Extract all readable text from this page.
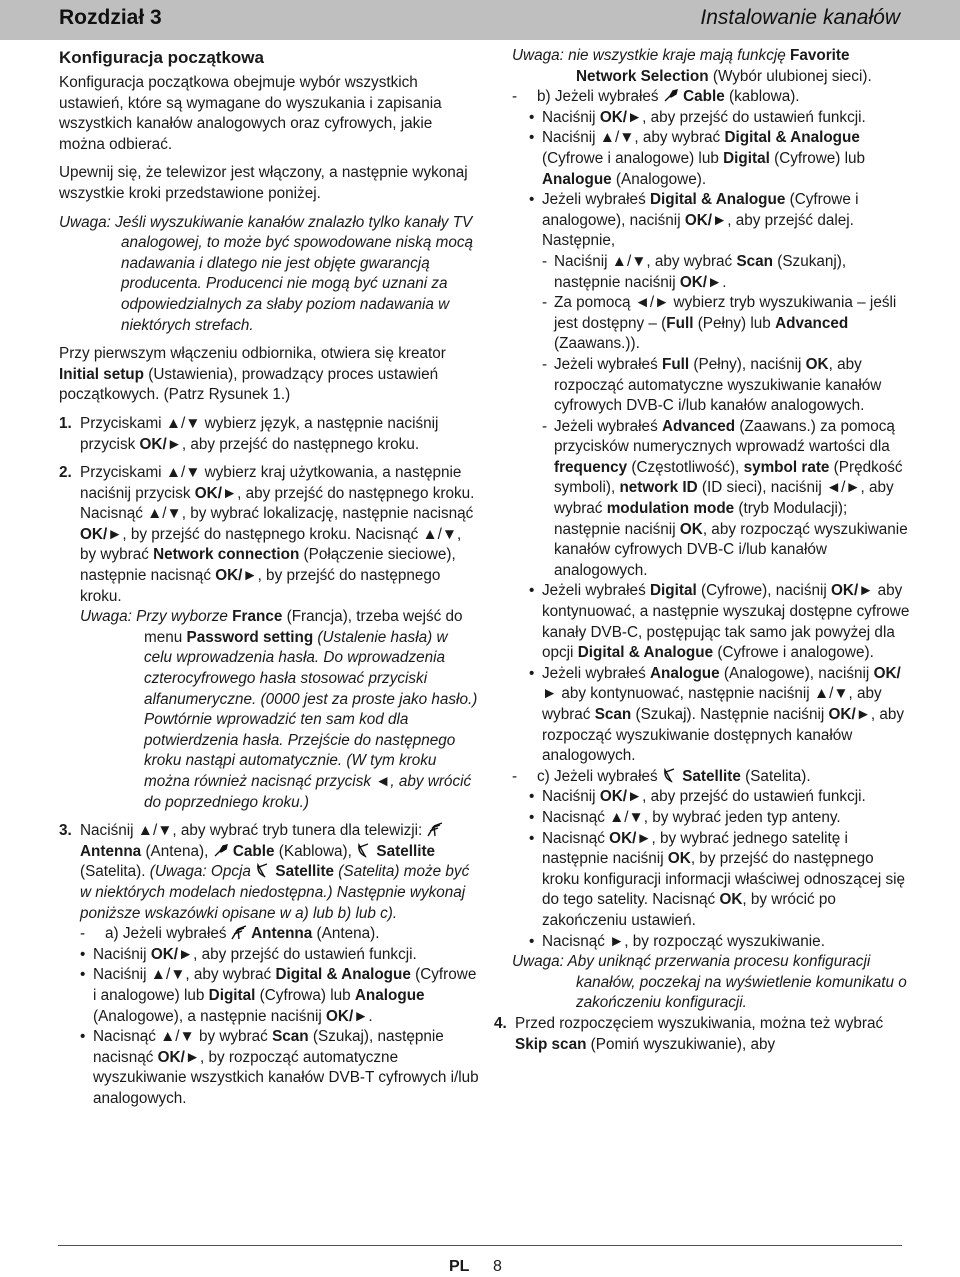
Rozdział 3	Instalowanie kanałów

Konfiguracja początkowa

Konfiguracja początkowa obejmuje wybór wszystkich ustawień, które są wymagane do wyszukania i zapisania wszystkich kanałów analogowych oraz cyfrowych, jakie można odbierać.

Upewnij się, że telewizor jest włączony, a następnie wykonaj wszystkie kroki przedstawione poniżej.

Uwaga: Jeśli wyszukiwanie kanałów znalazło tylko kanały TV analogowej, to może być spowodowane niską mocą nadawania i dlatego nie jest objęte gwarancją producenta. Producenci nie mogą być uznani za odpowiedzialnych za słaby poziom nadawania w niektórych strefach.

Przy pierwszym włączeniu odbiornika, otwiera się kreator Initial setup (Ustawienia), prowadzący proces ustawień początkowych. (Patrz Rysunek 1.)

1. Przyciskami ▲/▼ wybierz język, a następnie naciśnij przycisk OK/►, aby przejść do następnego kroku.
2. Przyciskami ▲/▼ wybierz kraj użytkowania, a następnie naciśnij przycisk OK/►, aby przejść do następnego kroku. Nacisnąć ▲/▼, by wybrać lokalizację, następnie nacisnąć OK/►, by przejść do następnego kroku. Nacisnąć ▲/▼, by wybrać Network connection (Połączenie sieciowe), następnie nacisnąć OK/►, by przejść do następnego kroku.
Uwaga: Przy wyborze France (Francja), trzeba wejść do menu Password setting (Ustalenie hasła) w celu wprowadzenia hasła. Do wprowadzenia czterocyfrowego hasła stosować przyciski alfanumeryczne. (0000 jest za proste jako hasło.) Powtórnie wprowadzić ten sam kod dla potwierdzenia hasła. Przejście do następnego kroku nastąpi automatycznie. (W tym kroku można również nacisnąć przycisk ◄, aby wrócić do poprzedniego kroku.)
3. Naciśnij ▲/▼, aby wybrać tryb tunera dla telewizji:  Antenna (Antena),  Cable (Kablowa),  Satellite (Satelita). (Uwaga: Opcja  Satellite (Satelita) może być w niektórych modelach niedostępna.) Następnie wykonaj poniższe wskazówki opisane w a) lub b) lub c).
- a) Jeżeli wybrałeś  Antenna (Antena).
• Naciśnij OK/►, aby przejść do ustawień funkcji.
• Naciśnij ▲/▼, aby wybrać Digital & Analogue (Cyfrowe i analogowe) lub Digital (Cyfrowa) lub Analogue (Analogowe), a następnie naciśnij OK/►.
• Nacisnąć ▲/▼ by wybrać Scan (Szukaj), następnie nacisnąć OK/►, by rozpocząć automatyczne wyszukiwanie wszystkich kanałów DVB-T cyfrowych i/lub analogowych.

Uwaga: nie wszystkie kraje mają funkcję Favorite Network Selection (Wybór ulubionej sieci).

- b) Jeżeli wybrałeś  Cable (kablowa).
• Naciśnij OK/►, aby przejść do ustawień funkcji.
• Naciśnij ▲/▼, aby wybrać Digital & Analogue (Cyfrowe i analogowe) lub Digital (Cyfrowe) lub Analogue (Analogowe).
• Jeżeli wybrałeś Digital & Analogue (Cyfrowe i analogowe), naciśnij OK/►, aby przejść dalej. Następnie,
- Naciśnij ▲/▼, aby wybrać Scan (Szukanj), następnie naciśnij OK/►.
- Za pomocą ◄/► wybierz tryb wyszukiwania – jeśli jest dostępny – (Full (Pełny) lub Advanced (Zaawans.)).
- Jeżeli wybrałeś Full (Pełny), naciśnij OK, aby rozpocząć automatyczne wyszukiwanie kanałów cyfrowych DVB-C i/lub kanałów analogowych.
- Jeżeli wybrałeś Advanced (Zaawans.) za pomocą przycisków numerycznych wprowadź wartości dla frequency (Częstotliwość), symbol rate (Prędkość symboli), network ID (ID sieci), naciśnij ◄/►, aby wybrać modulation mode (tryb Modulacji); następnie naciśnij OK, aby rozpocząć wyszukiwanie kanałów cyfrowych DVB-C i/lub kanałów analogowych.
• Jeżeli wybrałeś Digital (Cyfrowe), naciśnij OK/► aby kontynuować, a następnie wyszukaj dostępne cyfrowe kanały DVB-C, postępując tak samo jak powyżej dla opcji Digital & Analogue (Cyfrowe i analogowe).
• Jeżeli wybrałeś Analogue (Analogowe), naciśnij OK/► aby kontynuować, następnie naciśnij ▲/▼, aby wybrać Scan (Szukaj). Następnie naciśnij OK/►, aby rozpocząć wyszukiwanie dostępnych kanałów analogowych.
- c) Jeżeli wybrałeś  Satellite (Satelita).
• Naciśnij OK/►, aby przejść do ustawień funkcji.
• Nacisnąć ▲/▼, by wybrać jeden typ anteny.
• Nacisnąć OK/►, by wybrać jednego satelitę i następnie naciśnij OK, by przejść do następnego kroku konfiguracji informacji właściwej odnoszącej się do tego satelity. Nacisnąć OK, by wrócić po zakończeniu ustawień.
• Nacisnąć ►, by rozpocząć wyszukiwanie.

Uwaga: Aby uniknąć przerwania procesu konfiguracji kanałów, poczekaj na wyświetlenie komunikatu o zakończeniu konfiguracji.

4. Przed rozpoczęciem wyszukiwania, można też wybrać Skip scan (Pomiń wyszukiwanie), aby
PL 8
